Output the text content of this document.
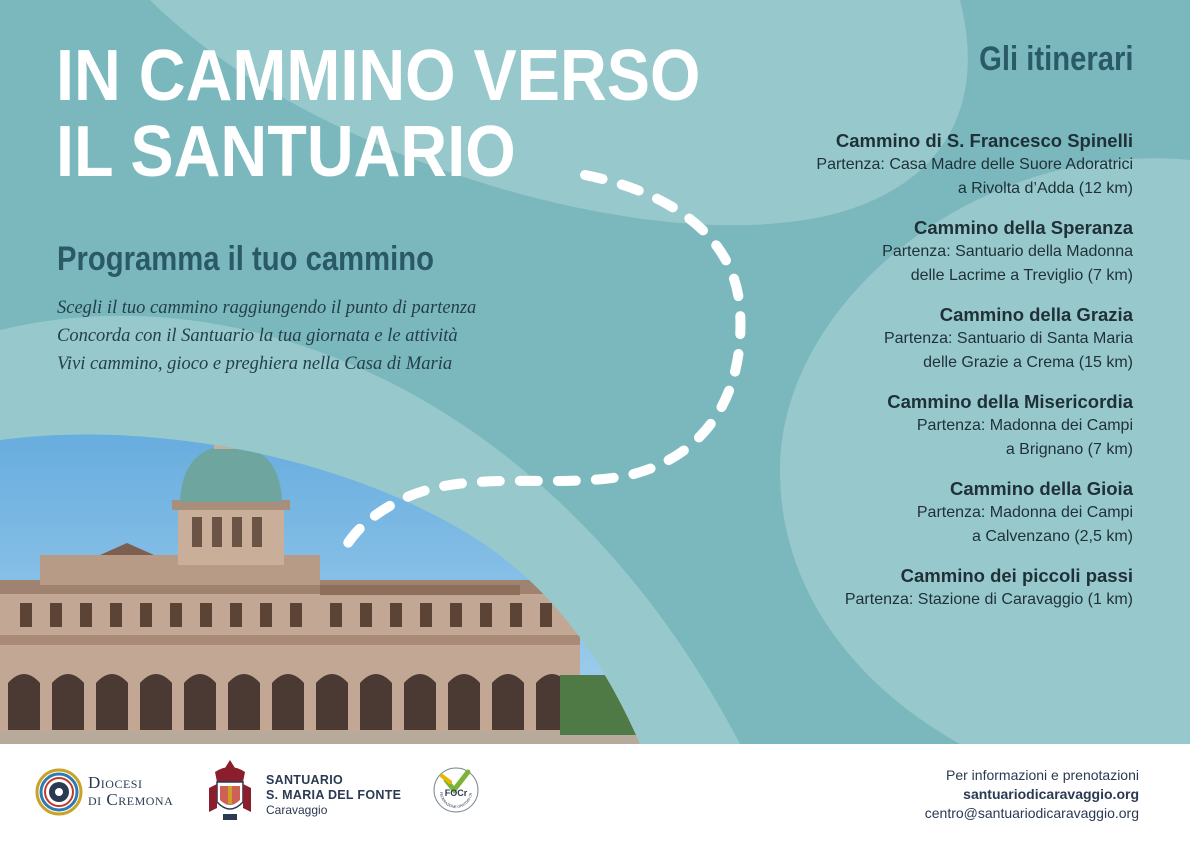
IN CAMMINO VERSO
IL SANTUARIO
Programma il tuo cammino
Scegli il tuo cammino raggiungendo il punto di partenza
Concorda con il Santuario la tua giornata e le attività
Vivi cammino, gioco e preghiera nella Casa di Maria
Gli itinerari
Cammino di S. Francesco Spinelli
Partenza: Casa Madre delle Suore Adoratrici
a Rivolta d’Adda (12 km)
Cammino della Speranza
Partenza: Santuario della Madonna
delle Lacrime a Treviglio (7 km)
Cammino della Grazia
Partenza: Santuario di Santa Maria
delle Grazie a Crema (15 km)
Cammino della Misericordia
Partenza: Madonna dei Campi
a Brignano (7 km)
Cammino della Gioia
Partenza: Madonna dei Campi
a Calvenzano (2,5 km)
Cammino dei piccoli passi
Partenza: Stazione di Caravaggio (1 km)
Diocesi
di Cremona
SANTUARIO
S. MARIA DEL FONTE
Caravaggio
FOCr
FEDERAZIONE ORATORI CR
Per informazioni e prenotazioni
santuariodicaravaggio.org
centro@santuariodicaravaggio.org
